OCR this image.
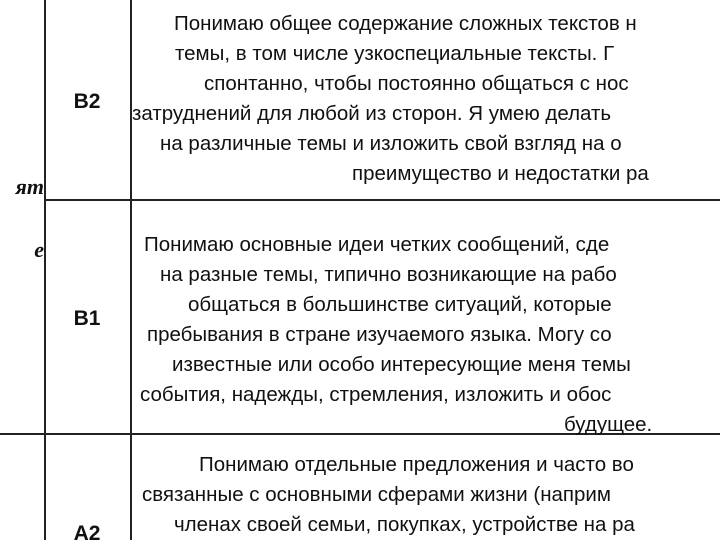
ят
е
B2
Понимаю общее содержание сложных текстов н
темы, в том числе узкоспециальные тексты. Г
спонтанно, чтобы постоянно общаться с нос
затруднений для любой из сторон. Я умею делать
на различные темы и изложить свой взгляд на о
преимущество и недостатки ра
B1
Понимаю основные идеи четких сообщений, сде
на разные темы, типично возникающие на рабо
общаться в большинстве ситуаций, которые
пребывания в стране изучаемого языка. Могу со
известные или особо интересующие меня темы
события, надежды, стремления, изложить и обос
будущее.
A2
Понимаю отдельные предложения и часто во
связанные с основными сферами жизни (наприм
членах своей семьи, покупках, устройстве на ра
